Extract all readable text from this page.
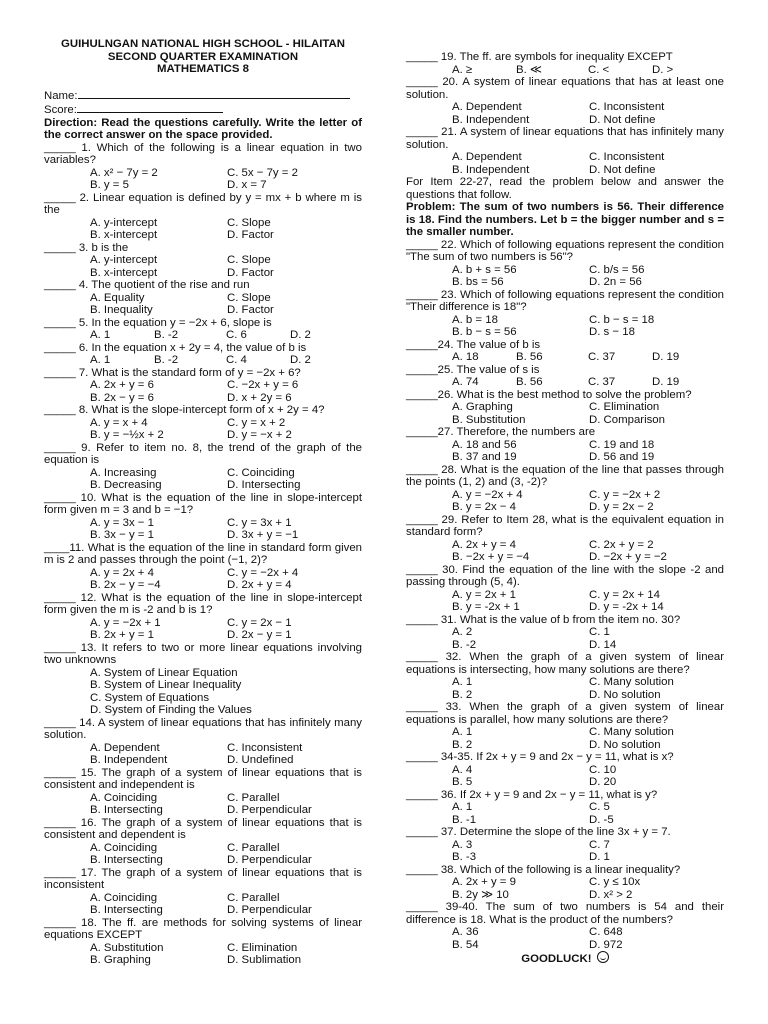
GUIHULNGAN NATIONAL HIGH SCHOOL - HILAITAN
SECOND QUARTER EXAMINATION
MATHEMATICS 8
Name:
Score:
Direction: Read the questions carefully. Write the letter of the correct answer on the space provided.
_____ 1. Which of the following is a linear equation in two variables?
A. x² − 7y = 2	C. 5x − 7y = 2
B. y = 5	D. x = 7
_____ 2. Linear equation is defined by y = mx + b where m is the
A. y-intercept	C. Slope
B. x-intercept	D. Factor
_____ 3. b is the
A. y-intercept	C. Slope
B. x-intercept	D. Factor
_____ 4. The quotient of the rise and run
A. Equality	C. Slope
B. Inequality	D. Factor
_____ 5. In the equation y = −2x + 6, slope is
A. 1	B. -2	C. 6	D. 2
_____ 6. In the equation x + 2y = 4, the value of b is
A. 1	B. -2	C. 4	D. 2
_____ 7. What is the standard form of y = −2x + 6?
A. 2x + y = 6	C. −2x + y = 6
B. 2x − y = 6	D. x + 2y = 6
_____ 8. What is the slope-intercept form of x + 2y = 4?
A. y = x + 4	C. y = x + 2
B. y = −½x + 2	D. y = −x + 2
_____ 9. Refer to item no. 8, the trend of the graph of the equation is
A. Increasing	C. Coinciding
B. Decreasing	D. Intersecting
_____ 10. What is the equation of the line in slope-intercept form given m = 3 and b = −1?
A. y = 3x − 1	C. y = 3x + 1
B. 3x − y = 1	D. 3x + y = −1
____11. What is the equation of the line in standard form given m is 2 and passes through the point (−1, 2)?
A. y = 2x + 4	C. y = −2x + 4
B. 2x − y = −4	D. 2x + y = 4
_____ 12. What is the equation of the line in slope-intercept form given the m is -2 and b is 1?
A. y = −2x + 1	C. y = 2x − 1
B. 2x + y = 1	D. 2x − y = 1
_____ 13. It refers to two or more linear equations involving two unknowns
A. System of Linear Equation
B. System of Linear Inequality
C. System of Equations
D. System of Finding the Values
_____ 14. A system of linear equations that has infinitely many solution.
A. Dependent	C. Inconsistent
B. Independent	D. Undefined
_____ 15. The graph of a system of linear equations that is consistent and independent is
A. Coinciding	C. Parallel
B. Intersecting	D. Perpendicular
_____ 16. The graph of a system of linear equations that is consistent and dependent is
A. Coinciding	C. Parallel
B. Intersecting	D. Perpendicular
_____ 17. The graph of a system of linear equations that is inconsistent
A. Coinciding	C. Parallel
B. Intersecting	D. Perpendicular
_____ 18. The ff. are methods for solving systems of linear equations EXCEPT
A. Substitution	C. Elimination
B. Graphing	D. Sublimation
_____ 19. The ff. are symbols for inequality EXCEPT
A. ≥	B. ≪	C. <	D. >
_____ 20. A system of linear equations that has at least one solution.
A. Dependent	C. Inconsistent
B. Independent	D. Not define
_____ 21. A system of linear equations that has infinitely many solution.
A. Dependent	C. Inconsistent
B. Independent	D. Not define
For Item 22-27, read the problem below and answer the questions that follow.
Problem: The sum of two numbers is 56. Their difference is 18. Find the numbers. Let b = the bigger number and s = the smaller number.
_____ 22. Which of following equations represent the condition "The sum of two numbers is 56"?
A. b + s = 56	C. b/s = 56
B. bs = 56	D. 2n = 56
_____ 23. Which of following equations represent the condition "Their difference is 18"?
A. b = 18	C. b − s = 18
B. b − s = 56	D. s − 18
_____24. The value of b is
A. 18	B. 56	C. 37	D. 19
_____25. The value of s is
A. 74	B. 56	C. 37	D. 19
_____26. What is the best method to solve the problem?
A. Graphing	C. Elimination
B. Substitution	D. Comparison
_____27. Therefore, the numbers are
A. 18 and 56	C. 19 and 18
B. 37 and 19	D. 56 and 19
_____ 28. What is the equation of the line that passes through the points (1, 2) and (3, -2)?
A. y = −2x + 4	C. y = −2x + 2
B. y = 2x − 4	D. y = 2x − 2
_____ 29. Refer to Item 28, what is the equivalent equation in standard form?
A. 2x + y = 4	C. 2x + y = 2
B. −2x + y = −4	D. −2x + y = −2
_____ 30. Find the equation of the line with the slope -2 and passing through (5, 4).
A. y = 2x + 1	C. y = 2x + 14
B. y = -2x + 1	D. y = -2x + 14
_____ 31. What is the value of b from the item no. 30?
A. 2	C. 1
B. -2	D. 14
_____ 32. When the graph of a given system of linear equations is intersecting, how many solutions are there?
A. 1	C. Many solution
B. 2	D. No solution
_____ 33. When the graph of a given system of linear equations is parallel, how many solutions are there?
A. 1	C. Many solution
B. 2	D. No solution
_____ 34-35. If 2x + y = 9 and 2x − y = 11, what is x?
A. 4	C. 10
B. 5	D. 20
_____ 36. If 2x + y = 9 and 2x − y = 11, what is y?
A. 1	C. 5
B. -1	D. -5
_____ 37. Determine the slope of the line 3x + y = 7.
A. 3	C. 7
B. -3	D. 1
_____ 38. Which of the following is a linear inequality?
A. 2x + y = 9	C. y ≤ 10x
B. 2y ≫ 10	D. x² > 2
_____ 39-40. The sum of two numbers is 54 and their difference is 18. What is the product of the numbers?
A. 36	C. 648
B. 54	D. 972
GOODLUCK!
